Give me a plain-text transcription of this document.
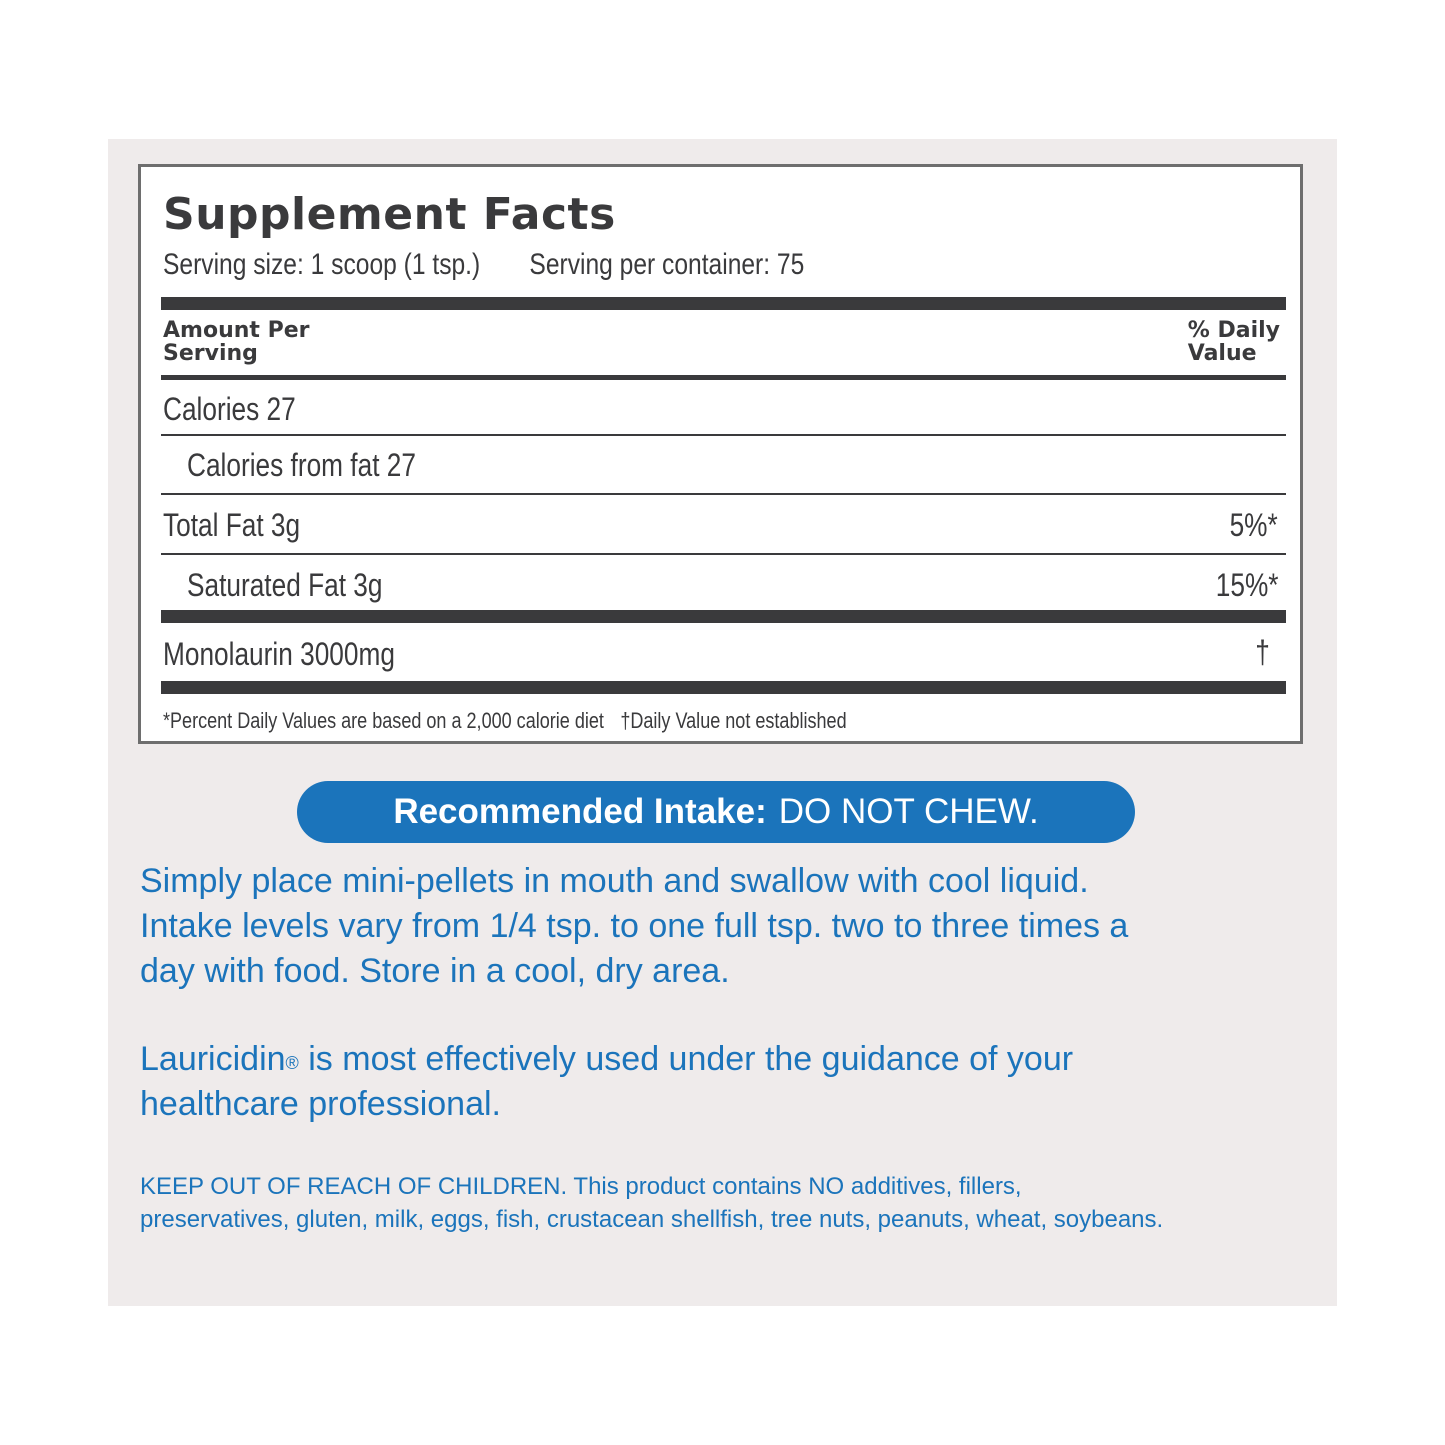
Supplement Facts
Serving size: 1 scoop (1 tsp.) Serving per container: 75
Amount Per
Serving
% Daily
Value
Calories 27
Calories from fat 27
Total Fat 3g	5%*
Saturated Fat 3g	15%*
Monolaurin 3000mg	†
*Percent Daily Values are based on a 2,000 calorie diet †Daily Value not established
Recommended Intake: DO NOT CHEW.
Simply place mini-pellets in mouth and swallow with cool liquid.
Intake levels vary from 1/4 tsp. to one full tsp. two to three times a
day with food. Store in a cool, dry area.
Lauricidin® is most effectively used under the guidance of your
healthcare professional.
KEEP OUT OF REACH OF CHILDREN. This product contains NO additives, fillers,
preservatives, gluten, milk, eggs, fish, crustacean shellfish, tree nuts, peanuts, wheat, soybeans.
